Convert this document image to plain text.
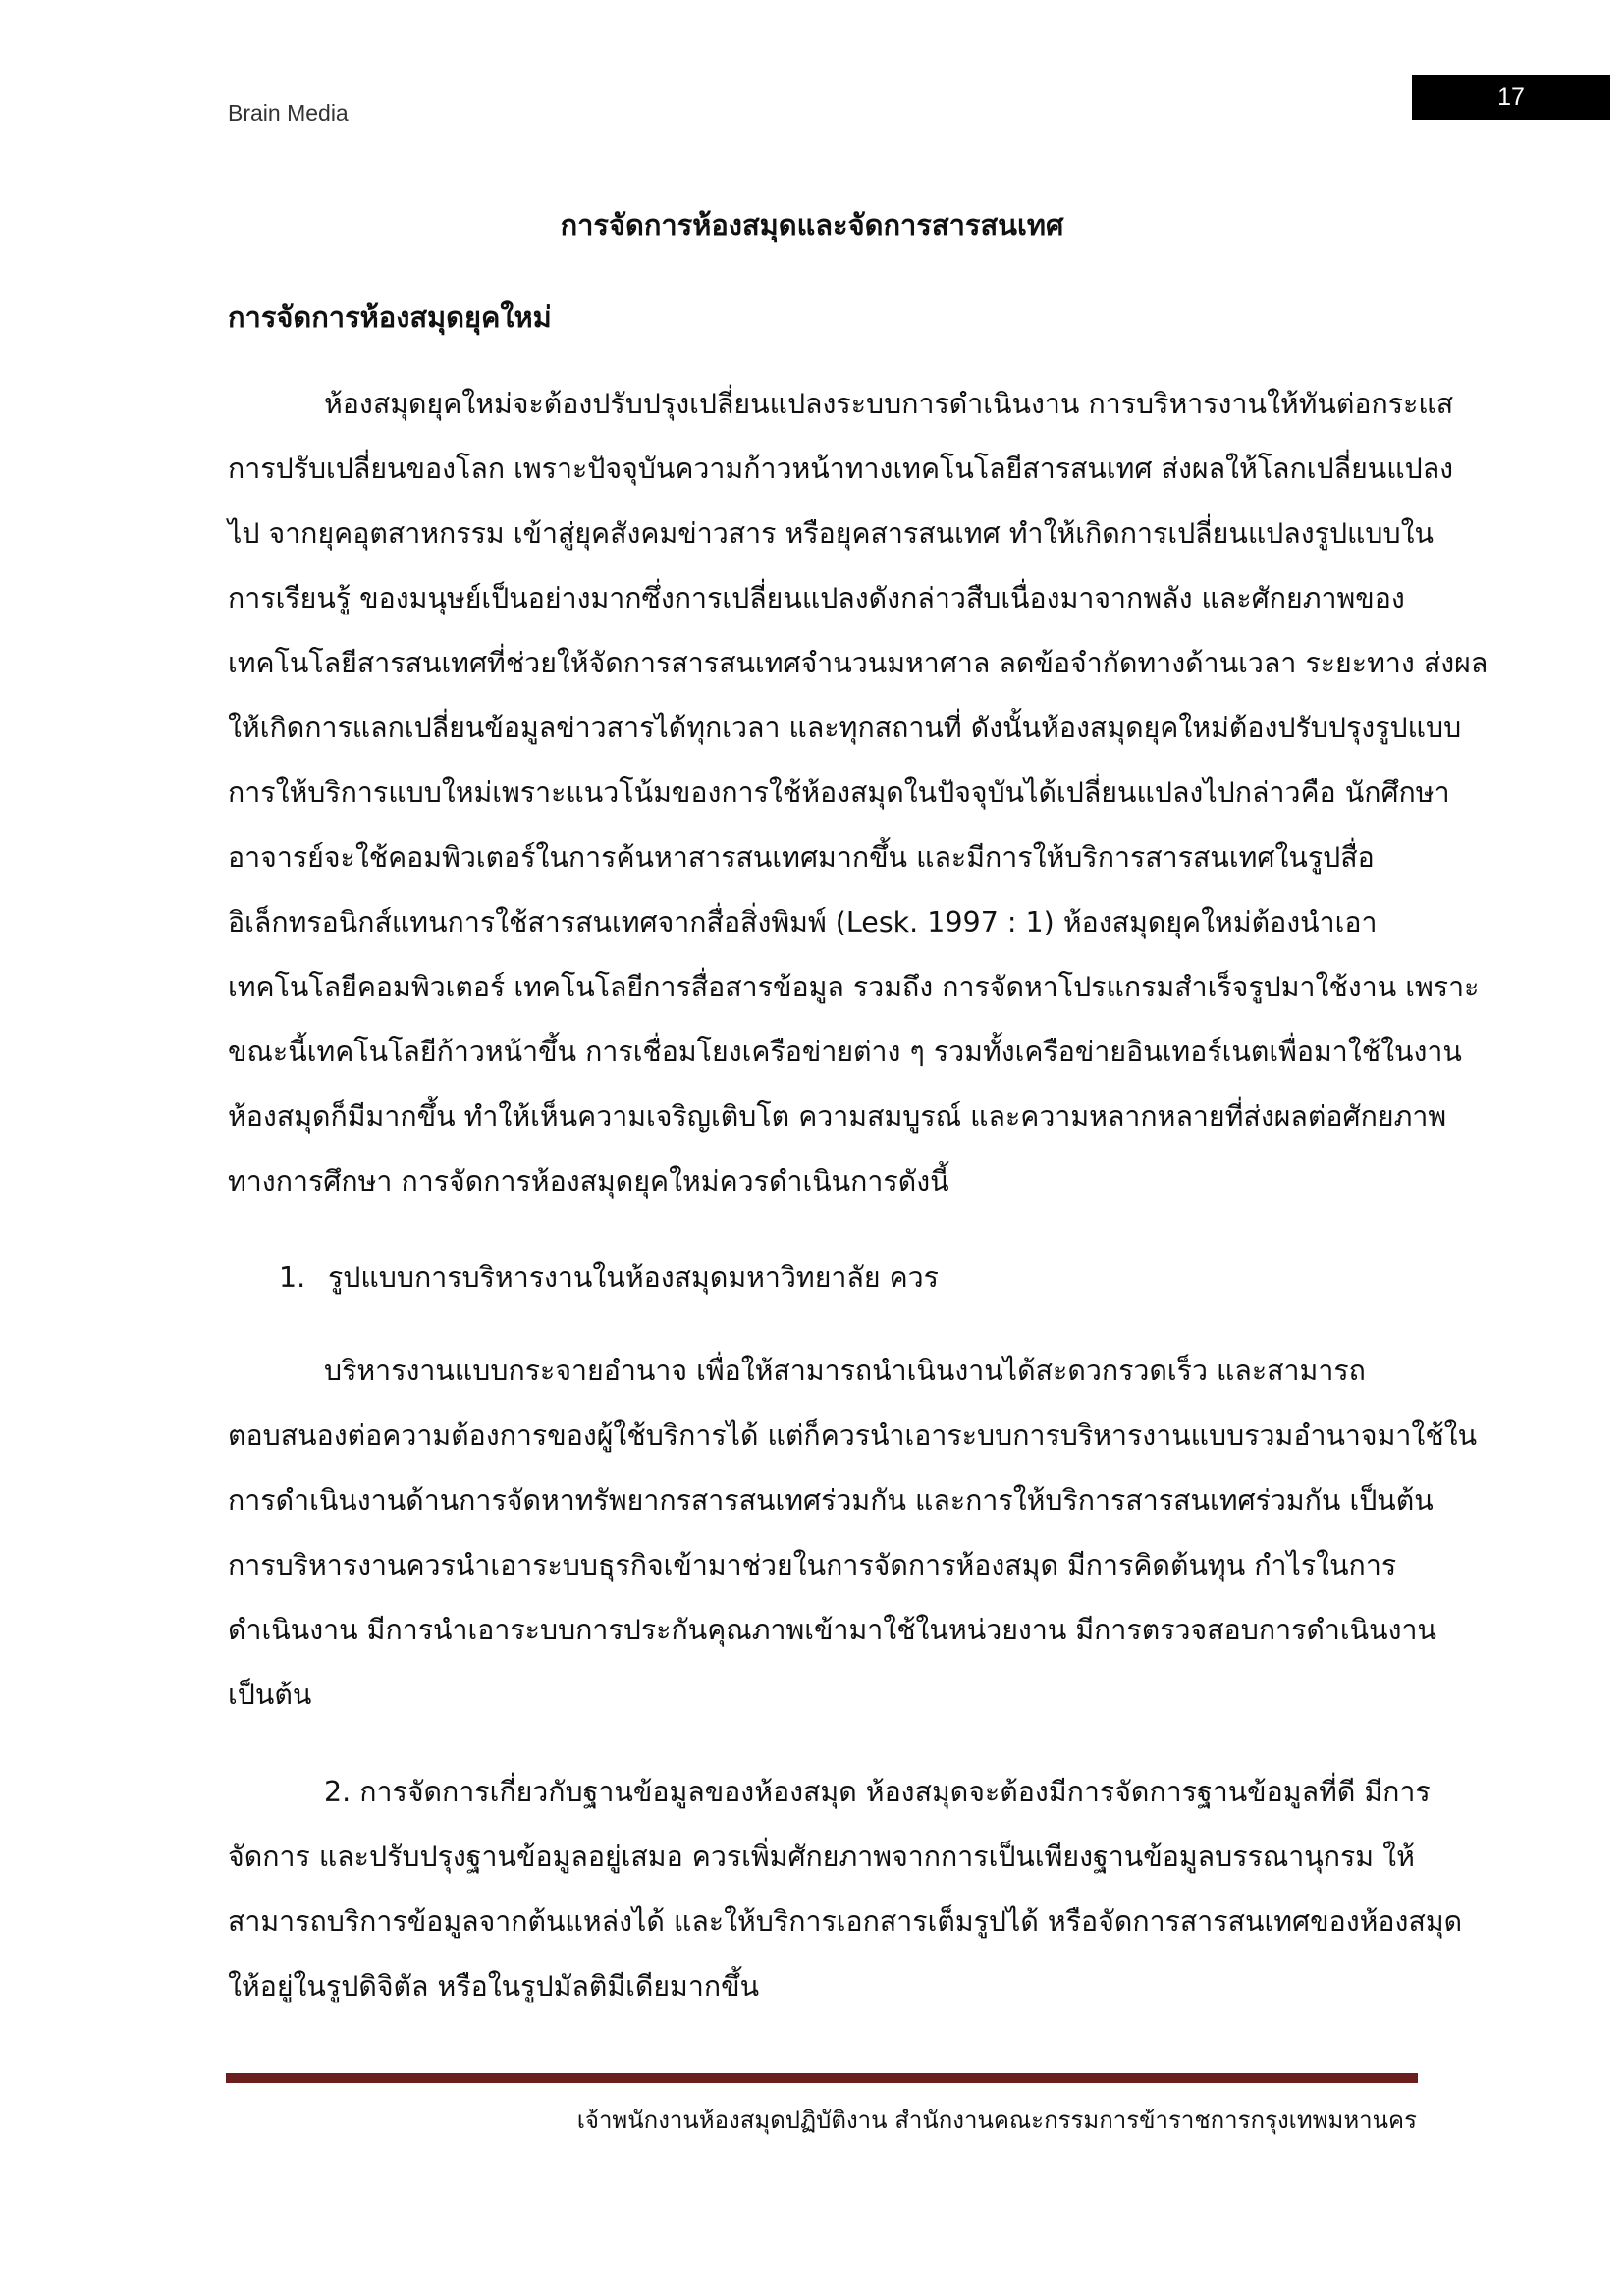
Brain Media
17
การจัดการห้องสมุดและจัดการสารสนเทศ
การจัดการห้องสมุดยุคใหม่
ห้องสมุดยุคใหม่จะต้องปรับปรุงเปลี่ยนแปลงระบบการดำเนินงาน การบริหารงานให้ทันต่อกระแส
การปรับเปลี่ยนของโลก เพราะปัจจุบันความก้าวหน้าทางเทคโนโลยีสารสนเทศ ส่งผลให้โลกเปลี่ยนแปลง
ไป จากยุคอุตสาหกรรม เข้าสู่ยุคสังคมข่าวสาร หรือยุคสารสนเทศ ทำให้เกิดการเปลี่ยนแปลงรูปแบบใน
การเรียนรู้ ของมนุษย์เป็นอย่างมากซึ่งการเปลี่ยนแปลงดังกล่าวสืบเนื่องมาจากพลัง และศักยภาพของ
เทคโนโลยีสารสนเทศที่ช่วยให้จัดการสารสนเทศจำนวนมหาศาล ลดข้อจำกัดทางด้านเวลา ระยะทาง ส่งผล
ให้เกิดการแลกเปลี่ยนข้อมูลข่าวสารได้ทุกเวลา และทุกสถานที่ ดังนั้นห้องสมุดยุคใหม่ต้องปรับปรุงรูปแบบ
การให้บริการแบบใหม่เพราะแนวโน้มของการใช้ห้องสมุดในปัจจุบันได้เปลี่ยนแปลงไปกล่าวคือ นักศึกษา
อาจารย์จะใช้คอมพิวเตอร์ในการค้นหาสารสนเทศมากขึ้น และมีการให้บริการสารสนเทศในรูปสื่อ
อิเล็กทรอนิกส์แทนการใช้สารสนเทศจากสื่อสิ่งพิมพ์ (Lesk. 1997 : 1) ห้องสมุดยุคใหม่ต้องนำเอา
เทคโนโลยีคอมพิวเตอร์ เทคโนโลยีการสื่อสารข้อมูล รวมถึง การจัดหาโปรแกรมสำเร็จรูปมาใช้งาน เพราะ
ขณะนี้เทคโนโลยีก้าวหน้าขึ้น การเชื่อมโยงเครือข่ายต่าง ๆ รวมทั้งเครือข่ายอินเทอร์เนตเพื่อมาใช้ในงาน
ห้องสมุดก็มีมากขึ้น ทำให้เห็นความเจริญเติบโต ความสมบูรณ์ และความหลากหลายที่ส่งผลต่อศักยภาพ
ทางการศึกษา การจัดการห้องสมุดยุคใหม่ควรดำเนินการดังนี้
1. รูปแบบการบริหารงานในห้องสมุดมหาวิทยาลัย ควร
บริหารงานแบบกระจายอำนาจ เพื่อให้สามารถนำเนินงานได้สะดวกรวดเร็ว และสามารถ
ตอบสนองต่อความต้องการของผู้ใช้บริการได้ แต่ก็ควรนำเอาระบบการบริหารงานแบบรวมอำนาจมาใช้ใน
การดำเนินงานด้านการจัดหาทรัพยากรสารสนเทศร่วมกัน และการให้บริการสารสนเทศร่วมกัน เป็นต้น
การบริหารงานควรนำเอาระบบธุรกิจเข้ามาช่วยในการจัดการห้องสมุด มีการคิดต้นทุน กำไรในการ
ดำเนินงาน มีการนำเอาระบบการประกันคุณภาพเข้ามาใช้ในหน่วยงาน มีการตรวจสอบการดำเนินงาน
เป็นต้น
2. การจัดการเกี่ยวกับฐานข้อมูลของห้องสมุด ห้องสมุดจะต้องมีการจัดการฐานข้อมูลที่ดี มีการ
จัดการ และปรับปรุงฐานข้อมูลอยู่เสมอ ควรเพิ่มศักยภาพจากการเป็นเพียงฐานข้อมูลบรรณานุกรม ให้
สามารถบริการข้อมูลจากต้นแหล่งได้ และให้บริการเอกสารเต็มรูปได้ หรือจัดการสารสนเทศของห้องสมุด
ให้อยู่ในรูปดิจิตัล หรือในรูปมัลติมีเดียมากขึ้น
เจ้าพนักงานห้องสมุดปฏิบัติงาน สำนักงานคณะกรรมการข้าราชการกรุงเทพมหานคร
